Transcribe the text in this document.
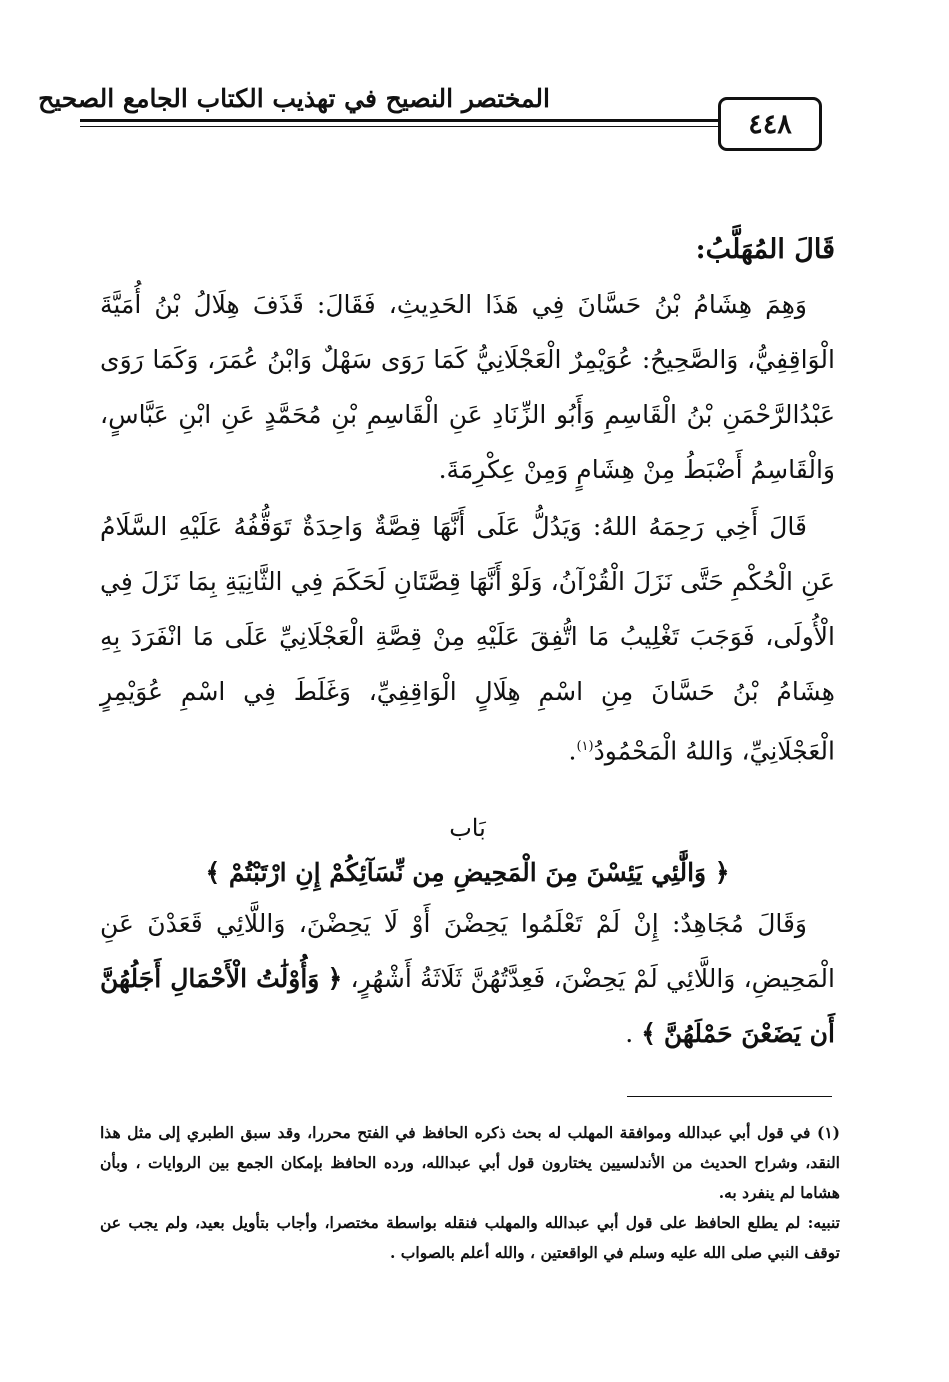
المختصر النصيح في تهذيب الكتاب الجامع الصحيح
٤٤٨

قَالَ المُهَلَّبُ:

وَهِمَ هِشَامُ بْنُ حَسَّانَ فِي هَذَا الحَدِيثِ، فَقَالَ: قَذَفَ هِلَالُ بْنُ أُمَيَّةَ الْوَاقِفِيُّ، وَالصَّحِيحُ: عُوَيْمِرٌ الْعَجْلَانِيُّ كَمَا رَوَى سَهْلٌ وَابْنُ عُمَرَ، وَكَمَا رَوَى عَبْدُالرَّحْمَنِ بْنُ الْقَاسِمِ وَأَبُو الزِّنَادِ عَنِ الْقَاسِمِ بْنِ مُحَمَّدٍ عَنِ ابْنِ عَبَّاسٍ، وَالْقَاسِمُ أَضْبَطُ مِنْ هِشَامٍ وَمِنْ عِكْرِمَةَ.

قَالَ أَخِي رَحِمَهُ اللهُ: وَيَدُلُّ عَلَى أَنَّهَا قِصَّةٌ وَاحِدَةٌ تَوَقُّفُهُ عَلَيْهِ السَّلَامُ عَنِ الْحُكْمِ حَتَّى نَزَلَ الْقُرْآنُ، وَلَوْ أَنَّهَا قِصَّتَانِ لَحَكَمَ فِي الثَّانِيَةِ بِمَا نَزَلَ فِي الْأُولَى، فَوَجَبَ تَغْلِيبُ مَا اتُّفِقَ عَلَيْهِ مِنْ قِصَّةِ الْعَجْلَانِيِّ عَلَى مَا انْفَرَدَ بِهِ هِشَامُ بْنُ حَسَّانَ مِنِ اسْمِ هِلَالٍ الْوَاقِفِيِّ، وَغَلَطَ فِي اسْمِ عُوَيْمِرٍ الْعَجْلَانِيِّ، وَاللهُ الْمَحْمُودُ$^{(١)}$.

بَاب

﴿ وَالَّٰئِي يَئِسْنَ مِنَ الْمَحِيضِ مِن نِّسَآئِكُمْ إِنِ ارْتَبْتُمْ ﴾

وَقَالَ مُجَاهِدٌ: إِنْ لَمْ تَعْلَمُوا يَحِضْنَ أَوْ لَا يَحِضْنَ، وَاللَّائِي قَعَدْنَ عَنِ الْمَحِيضِ، وَاللَّائِي لَمْ يَحِضْنَ، فَعِدَّتُهُنَّ ثَلَاثَةُ أَشْهُرٍ، ﴿ وَأُوْلَٰتُ الْأَحْمَالِ أَجَلُهُنَّ أَن يَضَعْنَ حَمْلَهُنَّ ﴾ .

(١) في قول أبي عبدالله وموافقة المهلب له بحث ذكره الحافظ في الفتح محررا، وقد سبق الطبري إلى مثل هذا النقد، وشراح الحديث من الأندلسيين يختارون قول أبي عبدالله، ورده الحافظ بإمكان الجمع بين الروايات ، وبأن هشاما لم ينفرد به.

تنبيه: لم يطلع الحافظ على قول أبي عبدالله والمهلب فنقله بواسطة مختصرا، وأجاب بتأويل بعيد، ولم يجب عن توقف النبي صلى الله عليه وسلم في الواقعتين ، والله أعلم بالصواب .
